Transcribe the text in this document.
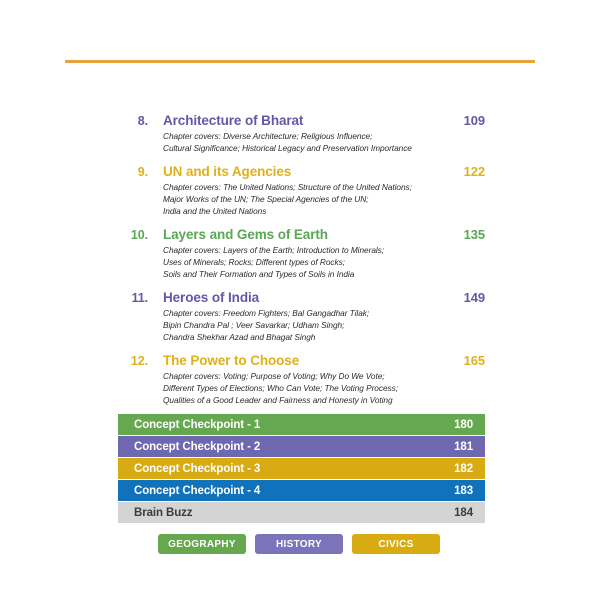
8.	Architecture of Bharat	109
Chapter covers: Diverse Architecture; Religious Influence;
Cultural Significance; Historical Legacy and Preservation Importance
9.	UN and its Agencies	122
Chapter covers: The United Nations; Structure of the United Nations;
Major Works of the UN; The Special Agencies of the UN;
India and the United Nations
10.	Layers and Gems of Earth	135
Chapter covers: Layers of the Earth; Introduction to Minerals;
Uses of Minerals; Rocks; Different types of Rocks;
Soils and Their Formation and Types of Soils in India
11.	Heroes of India	149
Chapter covers: Freedom Fighters; Bal Gangadhar Tilak;
Bipin Chandra Pal ; Veer Savarkar; Udham Singh;
Chandra Shekhar Azad and Bhagat Singh
12.	The Power to Choose	165
Chapter covers: Voting; Purpose of Voting; Why Do We Vote;
Different Types of Elections; Who Can Vote; The Voting Process;
Qualities of a Good Leader and Fairness and Honesty in Voting
Concept Checkpoint - 1	180
Concept Checkpoint - 2	181
Concept Checkpoint - 3	182
Concept Checkpoint - 4	183
Brain Buzz	184
GEOGRAPHY	HISTORY	CIVICS
